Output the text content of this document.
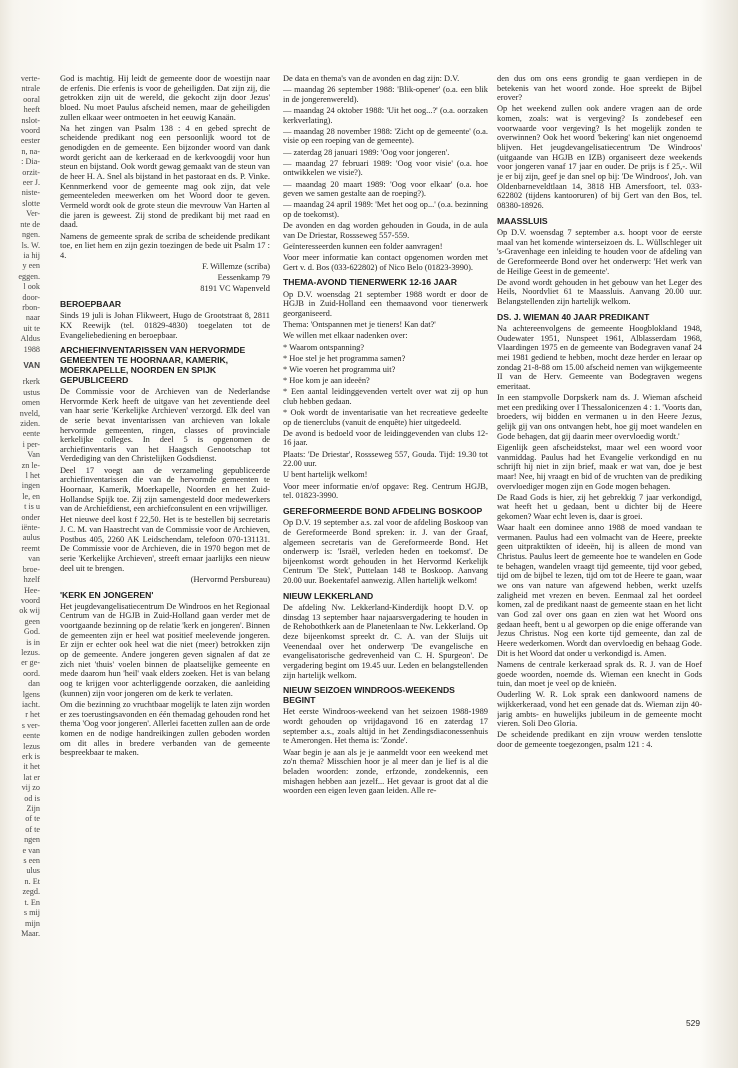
verte-
ntrale
ooral
heeft
nslot-
voord
eester
n, na-
: Dia-
orzit-
eer J.
niste-
slotte
Ver-
nte de
ngen.
ls. W.
ia hij
y een
eggen.
l ook
door-
rbon-
naar
uit te
Aldus
1988
VAN
rkerk
ustus
omen
nveld,
ziden.
eente
i per-
Van
zn le-
l het
ingen
le, en
t is u
onder
iënte-
aulus
reemt
van
broe-
hzelf
Hee-
voord
ok wij
geen
God.
is in
lezus.
er ge-
oord.
dan
lgens
iacht.
r het
s ver-
eente
lezus
erk is
it het
lat er
vij zo
od is
Zijn
of te
of te
ngen
e van
s een
ulus
n. Et
zegd.
t. En
s mij
mijn
Maar.

God is machtig. Hij leidt de gemeente door de woestijn naar de erfenis. Die erfenis is voor de geheiligden. Dat zijn zij, die getrokken zijn uit de wereld, die gekocht zijn door Jezus' bloed. Nu moet Paulus afscheid nemen, maar de geheiligden zullen elkaar weer ontmoeten in het eeuwig Kanaän.

Na het zingen van Psalm 138 : 4 en gebed sprecht de scheidende predikant nog een persoonlijk woord tot de genodigden en de gemeente. Een bijzonder woord van dank wordt gericht aan de kerkeraad en de kerkvoogdij voor hun steun en bijstand. Ook wordt gewag gemaakt van de steun van de heer H. A. Snel als bijstand in het pastoraat en ds. P. Vinke. Kennmerkend voor de gemeente mag ook zijn, dat vele gemeenteleden meewerken om het Woord door te geven. Vermeld wordt ook de grote steun die mevrouw Van Harten al die jaren is geweest. Zij stond de predikant bij met raad en daad.

Namens de gemeente sprak de scriba de scheidende predikant toe, en liet hem en zijn gezin toezingen de bede uit Psalm 17 : 4.

F. Willemze (scriba)

Eessenkamp 79

8191 VC Wapenveld

BEROEPBAAR

Sinds 19 juli is Johan Flikweert, Hugo de Grootstraat 8, 2811 KX Reewijk (tel. 01829-4830) toegelaten tot de Evangeliebediening en beroepbaar.

ARCHIEFINVENTARISSEN VAN HERVORMDE GEMEENTEN TE HOORNAAR, KAMERIK, MOERKAPELLE, NOORDEN EN SPIJK GEPUBLICEERD

De Commissie voor de Archieven van de Nederlandse Hervormde Kerk heeft de uitgave van het zeventiende deel van haar serie 'Kerkelijke Archieven' verzorgd. Elk deel van de serie bevat inventarissen van archieven van lokale hervormde gemeenten, ringen, classes of provinciale kerkelijke colleges. In deel 5 is opgenomen de archiefinventaris van het Haagsch Genootschap tot Verdediging van den Christelijken Godsdienst.

Deel 17 voegt aan de verzameling gepubliceerde archiefinventarissen die van de hervormde gemeenten te Hoornaar, Kamerik, Moerkapelle, Noorden en het Zuid-Hollandse Spijk toe. Zij zijn samengesteld door medewerkers van de Archiefdienst, een archiefconsulent en een vrijwilliger.

Het nieuwe deel kost f 22,50. Het is te bestellen bij secretaris J. C. M. van Haastrecht van de Commissie voor de Archieven, Postbus 405, 2260 AK Leidschendam, telefoon 070-131131. De Commissie voor de Archieven, die in 1970 begon met de serie 'Kerkelijke Archieven', streeft ernaar jaarlijks een nieuw deel uit te brengen.

(Hervormd Persbureau)

'KERK EN JONGEREN'

Het jeugdevangelisatiecentrum De Windroos en het Regionaal Centrum van de HGJB in Zuid-Holland gaan verder met de voortgaande bezinning op de relatie 'kerk en jongeren'. Binnen de gemeenten zijn er heel wat positief meelevende jongeren. Er zijn er echter ook heel wat die niet (meer) betrokken zijn op de gemeente. Andere jongeren geven signalen af dat ze zich niet 'thuis' voelen binnen de plaatselijke gemeente en mede daarom hun 'heil' vaak elders zoeken. Het is van belang oog te krijgen voor achterliggende oorzaken, die aanleiding (kunnen) zijn voor jongeren om de kerk te verlaten.

Om die bezinning zo vruchtbaar mogelijk te laten zijn worden er zes toerustingsavonden en één themadag gehouden rond het thema 'Oog voor jongeren'. Allerlei facetten zullen aan de orde komen en de nodige handreikingen zullen geboden worden om dit alles in bredere verbanden van de gemeente bespreekbaar te maken.

De data en thema's van de avonden en dag zijn: D.V.

— maandag 26 september 1988: 'Blik-opener' (o.a. een blik in de jongerenwereld).

— maandag 24 oktober 1988: 'Uit het oog...?' (o.a. oorzaken kerkverlating).

— maandag 28 november 1988: 'Zicht op de gemeente' (o.a. visie op een roeping van de gemeente).

— zaterdag 28 januari 1989: 'Oog voor jongeren'.

— maandag 27 februari 1989: 'Oog voor visie' (o.a. hoe ontwikkelen we visie?).

— maandag 20 maart 1989: 'Oog voor elkaar' (o.a. hoe geven we samen gestalte aan de roeping?).

— maandag 24 april 1989: 'Met het oog op...' (o.a. bezinning op de toekomst).

De avonden en dag worden gehouden in Gouda, in de aula van De Driestar, Rossseweg 557-559.

Geïnteresseerden kunnen een folder aanvragen!

Voor meer informatie kan contact opgenomen worden met Gert v. d. Bos (033-622802) of Nico Belo (01823-3990).

THEMA-AVOND TIENERWERK 12-16 JAAR

Op D.V. woensdag 21 september 1988 wordt er door de HGJB in Zuid-Holland een themaavond voor tienerwerk georganiseerd.

Thema: 'Ontspannen met je tieners! Kan dat?'

We willen met elkaar nadenken over:

* Waarom ontspanning?

* Hoe stel je het programma samen?

* Wie voeren het programma uit?

* Hoe kom je aan ideeën?

* Een aantal leidinggevenden vertelt over wat zij op hun club hebben gedaan.

* Ook wordt de inventarisatie van het recreatieve gedeelte op de tienerclubs (vanuit de enquête) hier uitgedeeld.

De avond is bedoeld voor de leidinggevenden van clubs 12-16 jaar.

Plaats: 'De Driestar', Rossseweg 557, Gouda. Tijd: 19.30 tot 22.00 uur.

U bent hartelijk welkom!

Voor meer informatie en/of opgave: Reg. Centrum HGJB, tel. 01823-3990.

GEREFORMEERDE BOND AFDELING BOSKOOP

Op D.V. 19 september a.s. zal voor de afdeling Boskoop van de Gereformeerde Bond spreken: ir. J. van der Graaf, algemeen secretaris van de Gereformeerde Bond. Het onderwerp is: 'Israël, verleden heden en toekomst'. De bijeenkomst wordt gehouden in het Hervormd Kerkelijk Centrum 'De Stek', Puttelaan 148 te Boskoop. Aanvang 20.00 uur. Boekentafel aanwezig. Allen hartelijk welkom!

NIEUW LEKKERLAND

De afdeling Nw. Lekkerland-Kinderdijk hoopt D.V. op dinsdag 13 september haar najaarsvergadering te houden in de Rehobothkerk aan de Planetenlaan te Nw. Lekkerland. Op deze bijeenkomst spreekt dr. C. A. van der Sluijs uit Veenendaal over het onderwerp 'De evangelische en evangelisatorische gedrevenheid van C. H. Spurgeon'. De vergadering begint om 19.45 uur. Leden en belangstellenden zijn hartelijk welkom.

NIEUW SEIZOEN WINDROOS-WEEKENDS BEGINT

Het eerste Windroos-weekend van het seizoen 1988-1989 wordt gehouden op vrijdagavond 16 en zaterdag 17 september a.s., zoals altijd in het Zendingsdiaconessenhuis te Amerongen. Het thema is: 'Zonde'.

Waar begin je aan als je je aanmeldt voor een weekend met zo'n thema? Misschien hoor je al meer dan je lief is al die beladen woorden: zonde, erfzonde, zondekennis, een mishagen hebben aan jezelf... Het gevaar is groot dat al die woorden een eigen leven gaan leiden. Alle re-

den dus om ons eens grondig te gaan verdiepen in de betekenis van het woord zonde. Hoe spreekt de Bijbel erover?

Op het weekend zullen ook andere vragen aan de orde komen, zoals: wat is vergeving? Is zondebesef een voorwaarde voor vergeving? Is het mogelijk zonden te overwinnen? Ook het woord 'bekering' kan niet ongenoemd blijven. Het jeugdevangelisatiecentrum 'De Windroos' (uitgaande van HGJB en IZB) organiseert deze weekends voor jongeren vanaf 17 jaar en ouder. De prijs is f 25,-. Wil je er bij zijn, geef je dan snel op bij: 'De Windroos', Joh. van Oldenbarneveldtlaan 14, 3818 HB Amersfoort, tel. 033-622802 (tijdens kantooruren) of bij Gert van den Bos, tel. 08380-18926.

MAASSLUIS

Op D.V. woensdag 7 september a.s. hoopt voor de eerste maal van het komende winterseizoen ds. L. Wüllschleger uit 's-Gravenhage een inleiding te houden voor de afdeling van de Gereformeerde Bond over het onderwerp: 'Het werk van de Heilige Geest in de gemeente'.

De avond wordt gehouden in het gebouw van het Leger des Heils, Noordvliet 61 te Maassluis. Aanvang 20.00 uur. Belangstellenden zijn hartelijk welkom.

DS. J. WIEMAN 40 JAAR PREDIKANT

Na achtereenvolgens de gemeente Hoogblokland 1948, Oudewater 1951, Nunspeet 1961, Alblasserdam 1968, Vlaardingen 1975 en de gemeente van Bodegraven vanaf 24 mei 1981 gediend te hebben, mocht deze herder en leraar op zondag 21-8-88 om 15.00 afscheid nemen van wijkgemeente II van de Herv. Gemeente van Bodegraven wegens emeritaat.

In een stampvolle Dorpskerk nam ds. J. Wieman afscheid met een prediking over I Thessalonicenzen 4 : 1. 'Voorts dan, broeders, wij bidden en vermanen u in den Heere Jezus, gelijk gij van ons ontvangen hebt, hoe gij moet wandelen en Gode behagen, dat gij daarin meer overvloedig wordt.'

Eigenlijk geen afscheidstekst, maar wel een woord voor vanmiddag. Paulus had het Evangelie verkondigd en nu schrijft hij niet in zijn brief, maak er wat van, doe je best maar! Nee, hij vraagt en bid of de vruchten van de prediking overvloediger mogen zijn en Gode mogen behagen.

De Raad Gods is hier, zij het gebrekkig 7 jaar verkondigd, wat heeft het u gedaan, bent u dichter bij de Heere gekomen? Waar echt leven is, daar is groei.

Waar haalt een dominee anno 1988 de moed vandaan te vermanen. Paulus had een volmacht van de Heere, preekte geen uitpraktikten of ideeën, hij is alleen de mond van Christus. Paulus leert de gemeente hoe te wandelen en Gode te behagen, wandelen vraagt tijd gemeente, tijd voor gebed, tijd om de bijbel te lezen, tijd om tot de Heere te gaan, waar we ons van nature van afgewend hebben, werkt uzelfs zaligheid met vrezen en beven. Eenmaal zal het oordeel komen, zal de predikant naast de gemeente staan en het licht van God zal over ons gaan en zien wat het Woord ons gedaan heeft, bent u al geworpen op die enige offerande van Jezus Christus. Nog een korte tijd gemeente, dan zal de Heere wederkomen. Wordt dan overvloedig en behaag Gode. Dit is het Woord dat onder u verkondigd is. Amen.

Namens de centrale kerkeraad sprak ds. R. J. van de Hoef goede woorden, noemde ds. Wieman een knecht in Gods tuin, dan moet je veel op de knieën.

Ouderling W. R. Lok sprak een dankwoord namens de wijkkerkeraad, vond het een genade dat ds. Wieman zijn 40-jarig ambts- en huwelijks jubileum in de gemeente mocht vieren. Soli Deo Gloria.

De scheidende predikant en zijn vrouw werden tenslotte door de gemeente toegezongen, psalm 121 : 4.

529
